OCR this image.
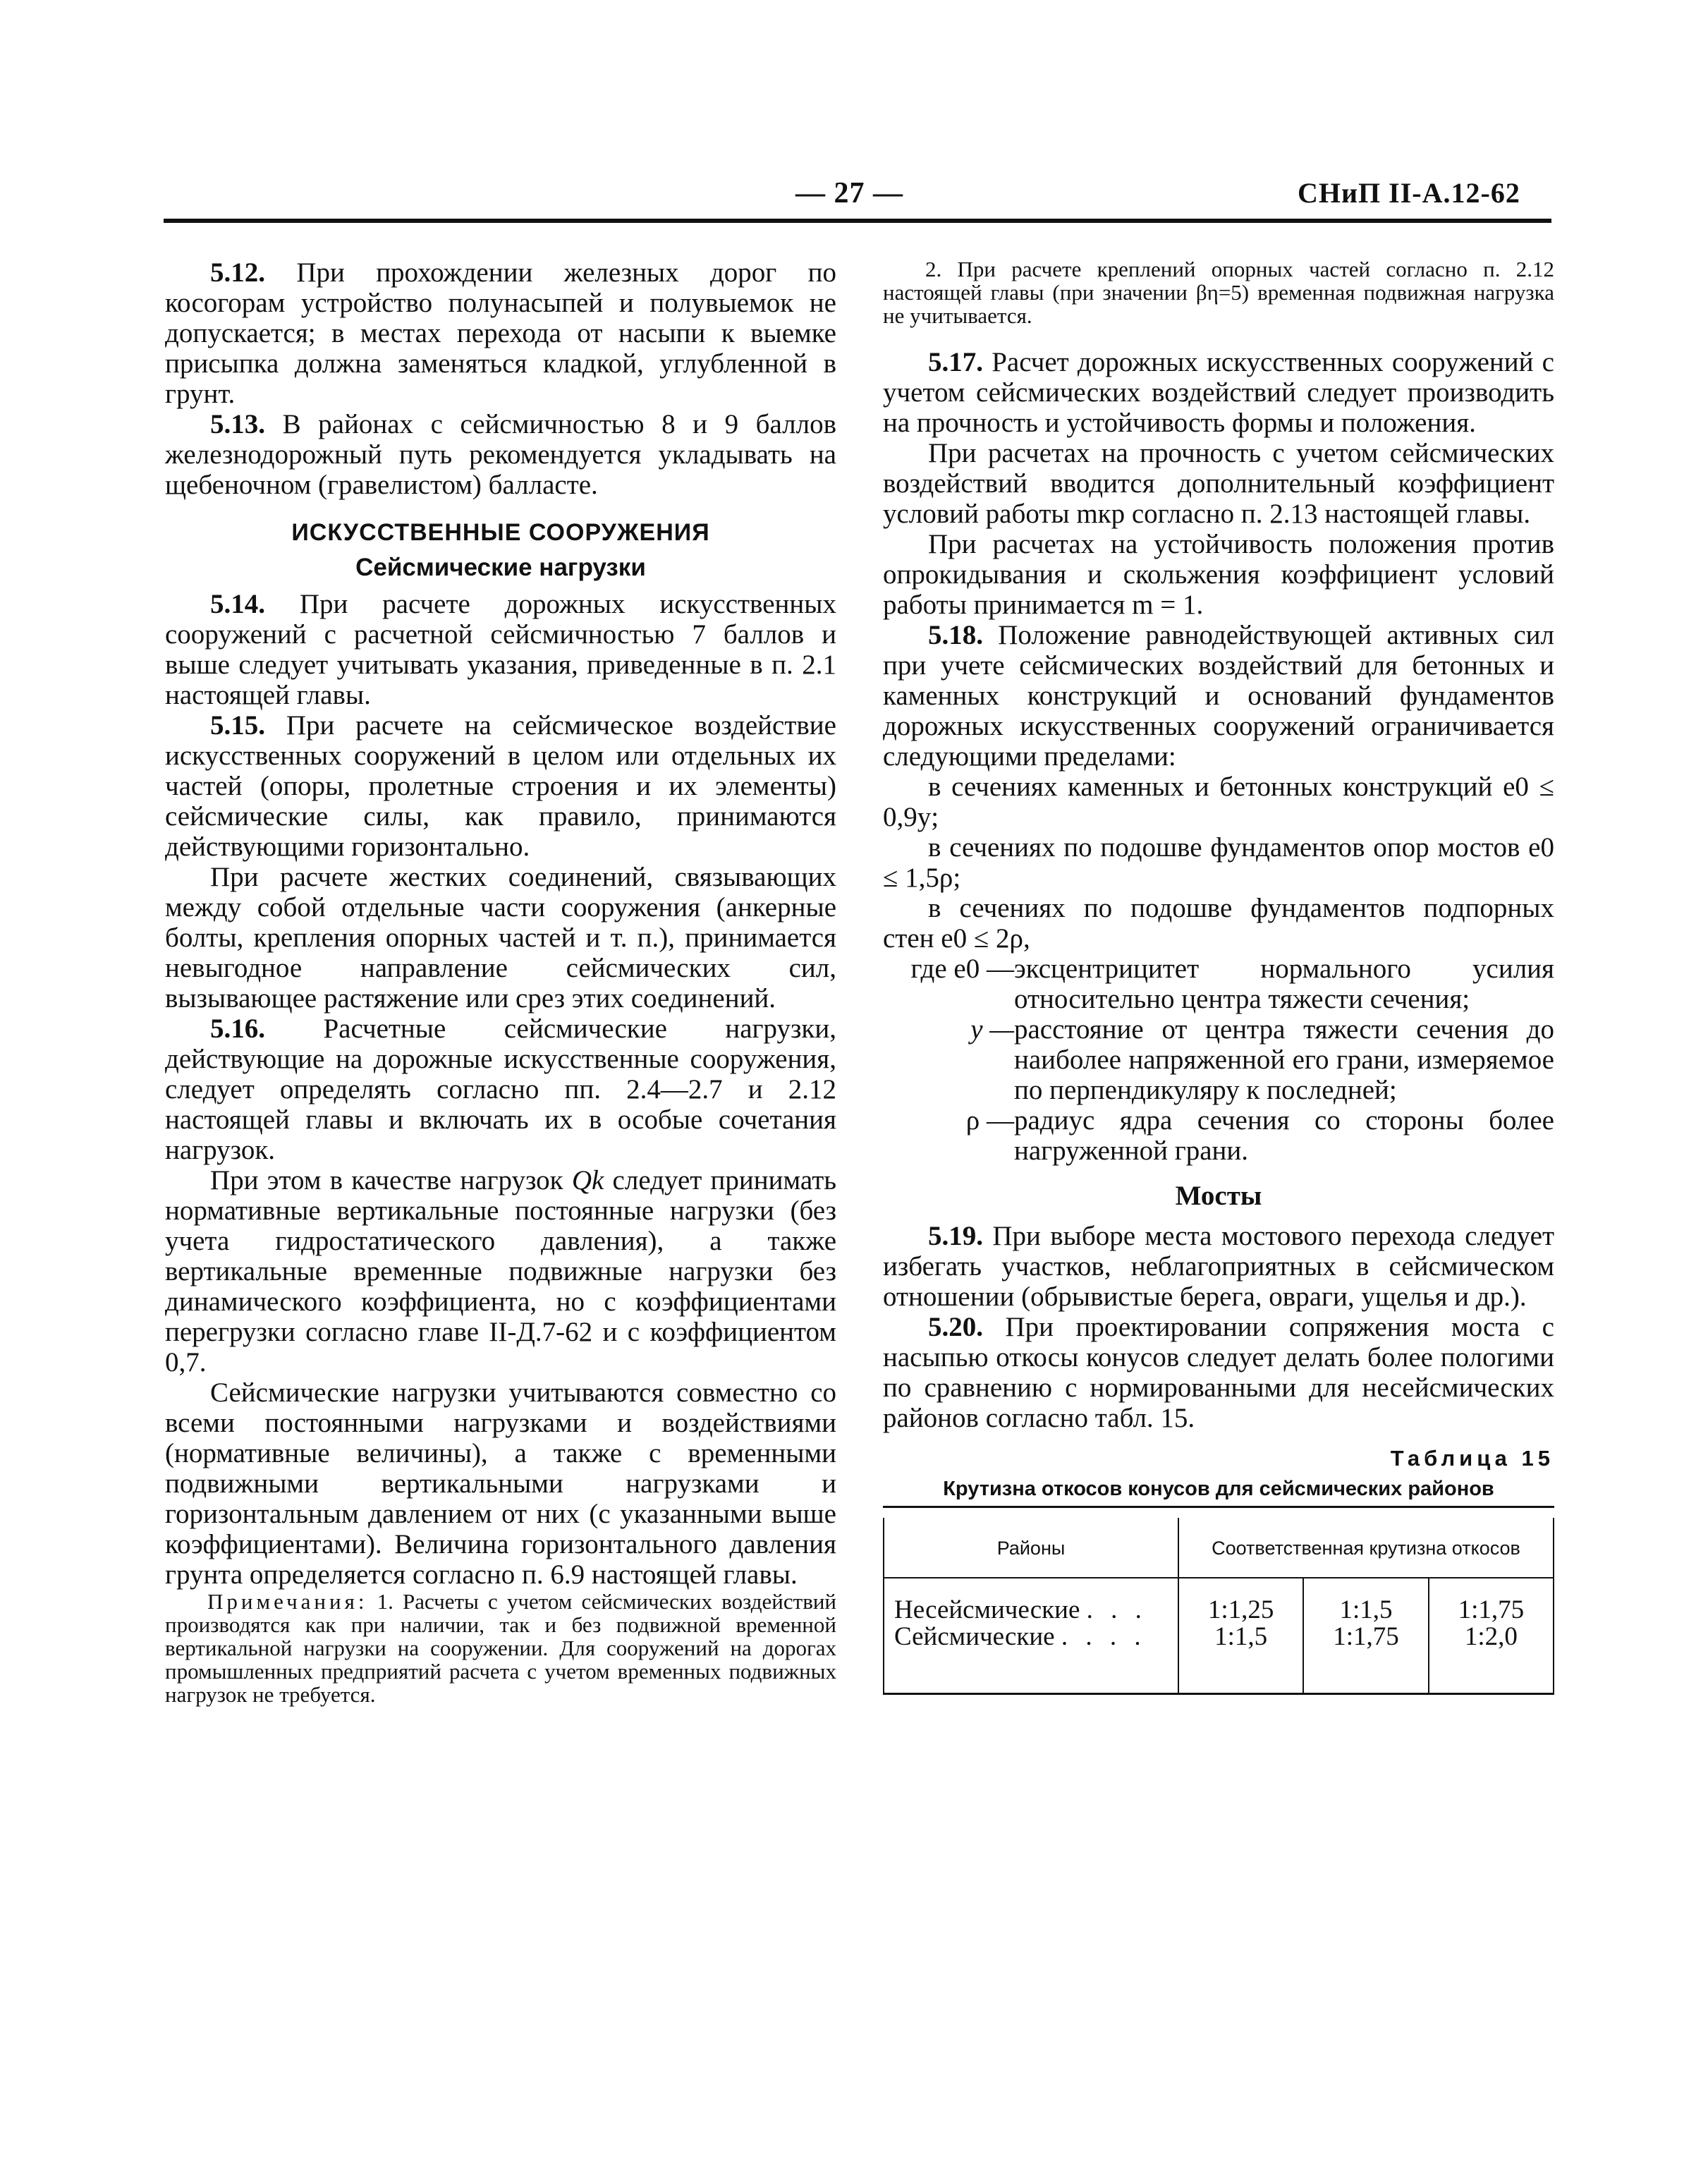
— 27 —	СНиП II-А.12-62

5.12. При прохождении железных дорог по косогорам устройство полунасыпей и полувыемок не допускается; в местах перехода от насыпи к выемке присыпка должна заменяться кладкой, углубленной в грунт.

5.13. В районах с сейсмичностью 8 и 9 баллов железнодорожный путь рекомендуется укладывать на щебеночном (гравелистом) балласте.

ИСКУССТВЕННЫЕ СООРУЖЕНИЯ
Сейсмические нагрузки

5.14. При расчете дорожных искусственных сооружений с расчетной сейсмичностью 7 баллов и выше следует учитывать указания, приведенные в п. 2.1 настоящей главы.

5.15. При расчете на сейсмическое воздействие искусственных сооружений в целом или отдельных их частей (опоры, пролетные строения и их элементы) сейсмические силы, как правило, принимаются действующими горизонтально.

При расчете жестких соединений, связывающих между собой отдельные части сооружения (анкерные болты, крепления опорных частей и т. п.), принимается невыгодное направление сейсмических сил, вызывающее растяжение или срез этих соединений.

5.16. Расчетные сейсмические нагрузки, действующие на дорожные искусственные сооружения, следует определять согласно пп. 2.4—2.7 и 2.12 настоящей главы и включать их в особые сочетания нагрузок.

При этом в качестве нагрузок Qk следует принимать нормативные вертикальные постоянные нагрузки (без учета гидростатического давления), а также вертикальные временные подвижные нагрузки без динамического коэффициента, но с коэффициентами перегрузки согласно главе II-Д.7-62 и с коэффициентом 0,7.

Сейсмические нагрузки учитываются совместно со всеми постоянными нагрузками и воздействиями (нормативные величины), а также с временными подвижными вертикальными нагрузками и горизонтальным давлением от них (с указанными выше коэффициентами). Величина горизонтального давления грунта определяется согласно п. 6.9 настоящей главы.

Примечания: 1. Расчеты с учетом сейсмических воздействий производятся как при наличии, так и без подвижной временной вертикальной нагрузки на сооружении. Для сооружений на дорогах промышленных предприятий расчета с учетом временных подвижных нагрузок не требуется.

2. При расчете креплений опорных частей согласно п. 2.12 настоящей главы (при значении βη=5) временная подвижная нагрузка не учитывается.

5.17. Расчет дорожных искусственных сооружений с учетом сейсмических воздействий следует производить на прочность и устойчивость формы и положения.

При расчетах на прочность с учетом сейсмических воздействий вводится дополнительный коэффициент условий работы mкр согласно п. 2.13 настоящей главы.

При расчетах на устойчивость положения против опрокидывания и скольжения коэффициент условий работы принимается m = 1.

5.18. Положение равнодействующей активных сил при учете сейсмических воздействий для бетонных и каменных конструкций и оснований фундаментов дорожных искусственных сооружений ограничивается следующими пределами:

в сечениях каменных и бетонных конструкций e0 ≤ 0,9y;

в сечениях по подошве фундаментов опор мостов e0 ≤ 1,5ρ;

в сечениях по подошве фундаментов подпорных стен e0 ≤ 2ρ,

где e0 — эксцентрицитет нормального усилия относительно центра тяжести сечения;
y — расстояние от центра тяжести сечения до наиболее напряженной его грани, измеряемое по перпендикуляру к последней;
ρ — радиус ядра сечения со стороны более нагруженной грани.
Мосты

5.19. При выборе места мостового перехода следует избегать участков, неблагоприятных в сейсмическом отношении (обрывистые берега, овраги, ущелья и др.).

5.20. При проектировании сопряжения моста с насыпью откосы конусов следует делать более пологими по сравнению с нормированными для несейсмических районов согласно табл. 15.

Таблица 15
Крутизна откосов конусов для сейсмических районов
Районы	Соответственная крутизна откосов		
Несейсмические . . .	1:1,25	1:1,5	1:1,75
Сейсмические . . . .	1:1,5	1:1,75	1:2,0
